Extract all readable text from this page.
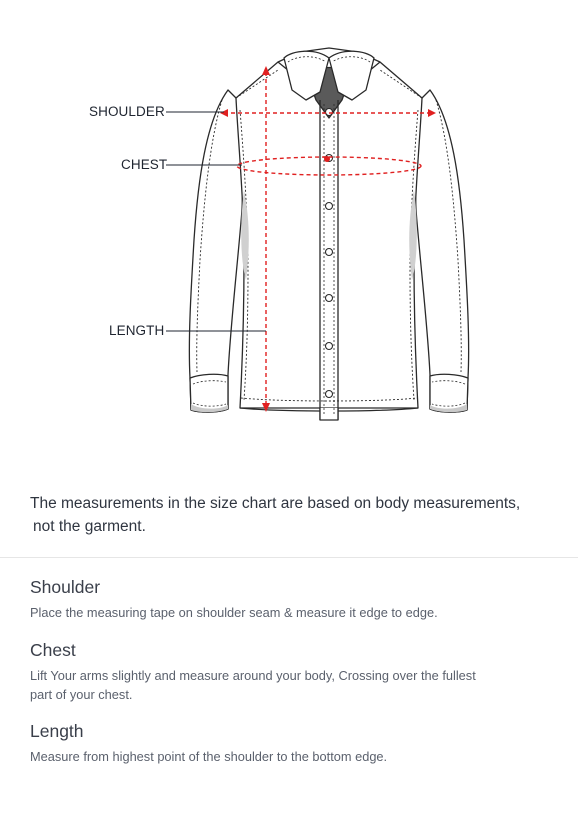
SHOULDER
CHEST
LENGTH
The measurements in the size chart are based on body measurements,
not the garment.
Shoulder

Place the measuring tape on shoulder seam & measure it edge to edge.

Chest

Lift Your arms slightly and measure around your body, Crossing over the fullest
part of your chest.

Length

Measure from highest point of the shoulder to the bottom edge.
